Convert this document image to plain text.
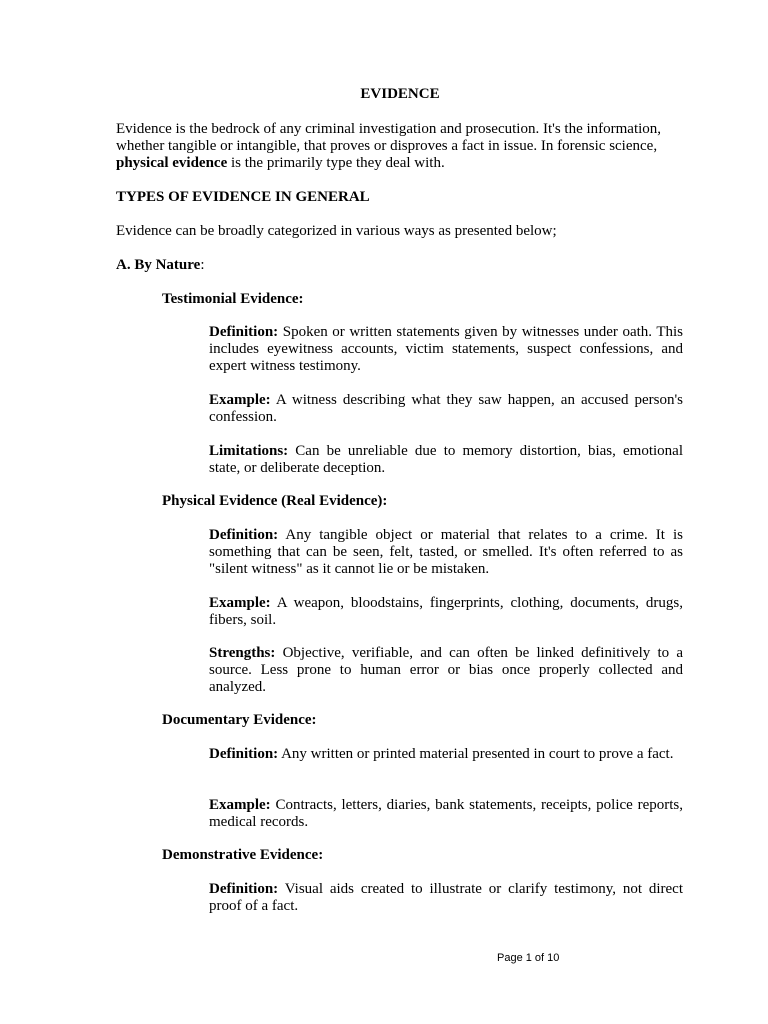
EVIDENCE

Evidence is the bedrock of any criminal investigation and prosecution. It's the information, whether tangible or intangible, that proves or disproves a fact in issue. In forensic science, physical evidence is the primarily type they deal with.

TYPES OF EVIDENCE IN GENERAL

Evidence can be broadly categorized in various ways as presented below;

A. By Nature:
Testimonial Evidence:

Definition: Spoken or written statements given by witnesses under oath. This includes eyewitness accounts, victim statements, suspect confessions, and expert witness testimony.

Example: A witness describing what they saw happen, an accused person's confession.

Limitations: Can be unreliable due to memory distortion, bias, emotional state, or deliberate deception.

Physical Evidence (Real Evidence):

Definition: Any tangible object or material that relates to a crime. It is something that can be seen, felt, tasted, or smelled. It's often referred to as "silent witness" as it cannot lie or be mistaken.

Example: A weapon, bloodstains, fingerprints, clothing, documents, drugs, fibers, soil.

Strengths: Objective, verifiable, and can often be linked definitively to a source. Less prone to human error or bias once properly collected and analyzed.

Documentary Evidence:

Definition: Any written or printed material presented in court to prove a fact.

Example: Contracts, letters, diaries, bank statements, receipts, police reports, medical records.

Demonstrative Evidence:

Definition: Visual aids created to illustrate or clarify testimony, not direct proof of a fact.

Page 1 of 10
